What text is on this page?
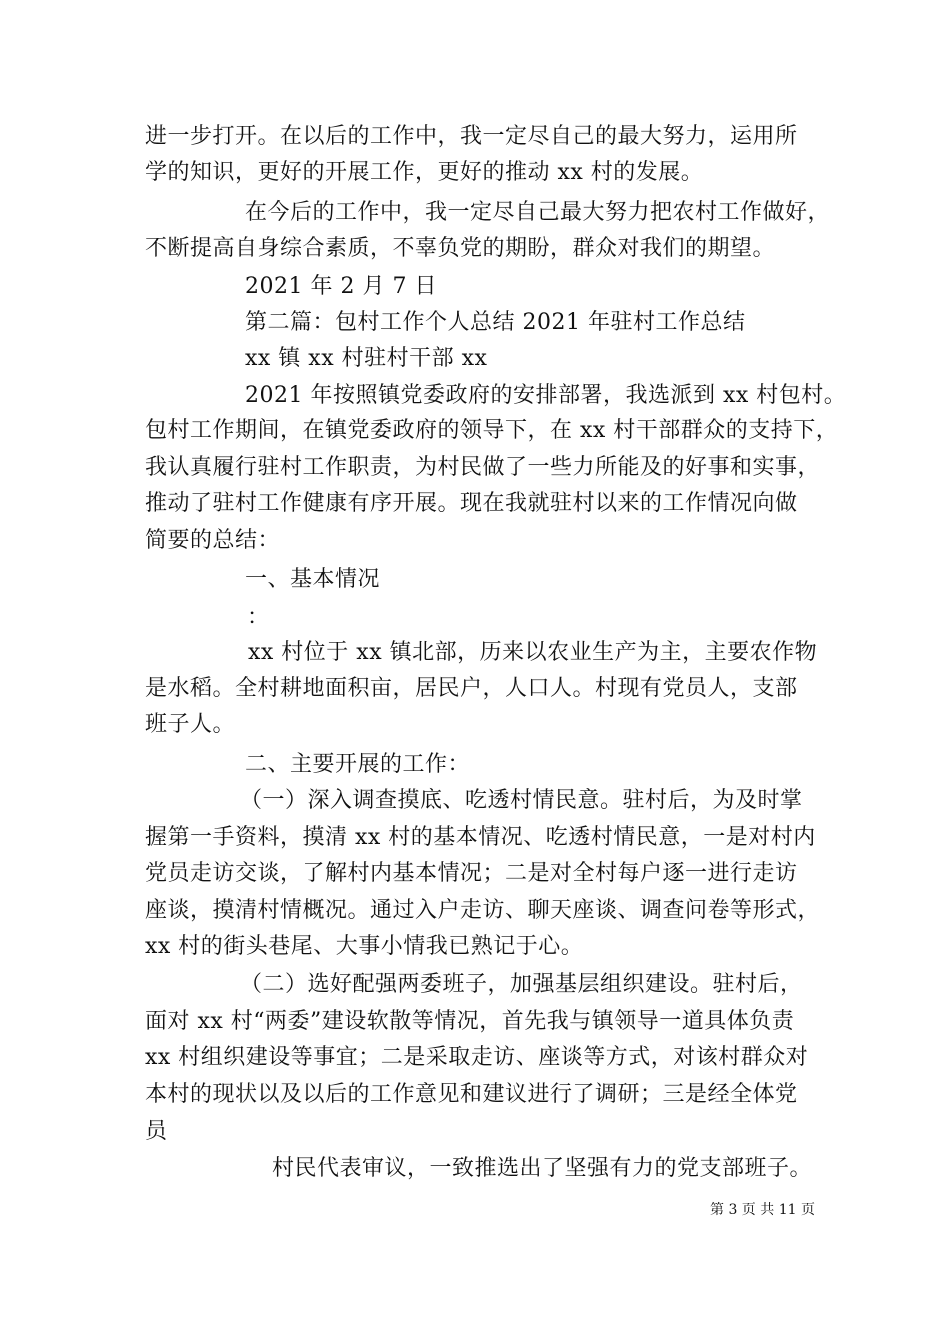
进一步打开。在以后的工作中，我一定尽自己的最大努力，运用所
学的知识，更好的开展工作，更好的推动 xx 村的发展。
在今后的工作中，我一定尽自己最大努力把农村工作做好，
不断提高自身综合素质，不辜负党的期盼，群众对我们的期望。
2021 年 2 月 7 日
第二篇：包村工作个人总结 2021 年驻村工作总结
xx 镇 xx 村驻村干部 xx
2021 年按照镇党委政府的安排部署，我选派到 xx 村包村。
包村工作期间，在镇党委政府的领导下，在 xx 村干部群众的支持下，
我认真履行驻村工作职责，为村民做了一些力所能及的好事和实事，
推动了驻村工作健康有序开展。现在我就驻村以来的工作情况向做
简要的总结：
一、基本情况
：
xx 村位于 xx 镇北部，历来以农业生产为主，主要农作物
是水稻。全村耕地面积亩，居民户，人口人。村现有党员人，支部
班子人。
二、主要开展的工作：
（一）深入调查摸底、吃透村情民意。驻村后，为及时掌
握第一手资料，摸清 xx 村的基本情况、吃透村情民意，一是对村内
党员走访交谈，了解村内基本情况；二是对全村每户逐一进行走访
座谈，摸清村情概况。通过入户走访、聊天座谈、调查问卷等形式，
xx 村的街头巷尾、大事小情我已熟记于心。
（二）选好配强两委班子，加强基层组织建设。驻村后，
面对 xx 村“两委”建设软散等情况，首先我与镇领导一道具体负责
xx 村组织建设等事宜；二是采取走访、座谈等方式，对该村群众对
本村的现状以及以后的工作意见和建议进行了调研；三是经全体党
员
村民代表审议，一致推选出了坚强有力的党支部班子。
第 3 页 共 11 页
